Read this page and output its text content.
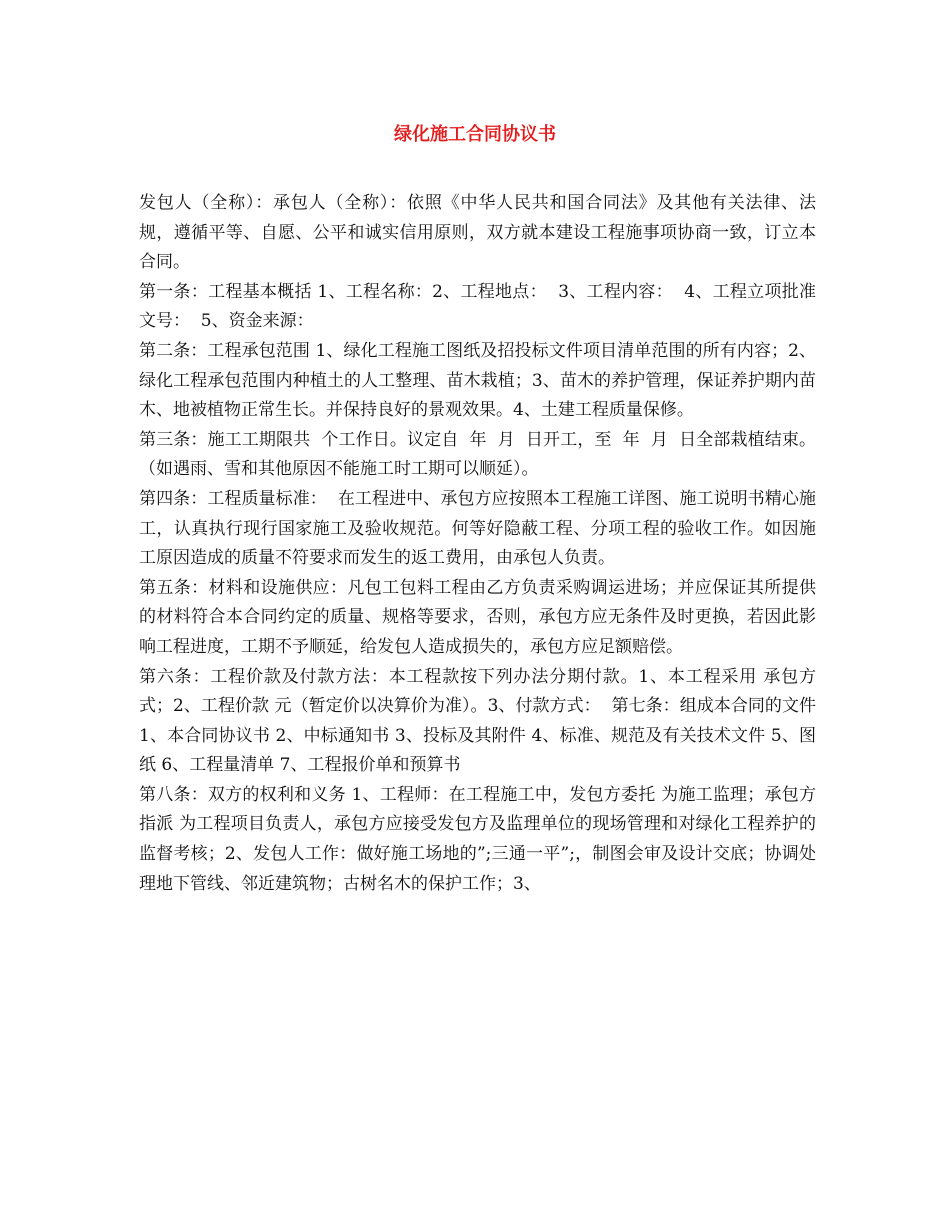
绿化施工合同协议书

发包人（全称）：承包人（全称）：依照《中华人民共和国合同法》及其他有关法律、法规，遵循平等、自愿、公平和诚实信用原则，双方就本建设工程施事项协商一致，订立本合同。

第一条：工程基本概括 1、工程名称：2、工程地点：  3、工程内容：  4、工程立项批准文号：  5、资金来源：

第二条：工程承包范围 1、绿化工程施工图纸及招投标文件项目清单范围的所有内容；2、绿化工程承包范围内种植土的人工整理、苗木栽植；3、苗木的养护管理，保证养护期内苗木、地被植物正常生长。并保持良好的景观效果。4、土建工程质量保修。

第三条：施工工期限共  个工作日。议定自  年  月  日开工，至  年  月  日全部栽植结束。（如遇雨、雪和其他原因不能施工时工期可以顺延）。

第四条：工程质量标准：  在工程进中、承包方应按照本工程施工详图、施工说明书精心施工，认真执行现行国家施工及验收规范。何等好隐蔽工程、分项工程的验收工作。如因施工原因造成的质量不符要求而发生的返工费用，由承包人负责。

第五条：材料和设施供应：凡包工包料工程由乙方负责采购调运进场；并应保证其所提供的材料符合本合同约定的质量、规格等要求，否则，承包方应无条件及时更换，若因此影响工程进度，工期不予顺延，给发包人造成损失的，承包方应足额赔偿。

第六条：工程价款及付款方法：本工程款按下列办法分期付款。1、本工程采用 承包方式；2、工程价款 元（暂定价以决算价为准）。3、付款方式：  第七条：组成本合同的文件 1、本合同协议书 2、中标通知书 3、投标及其附件 4、标准、规范及有关技术文件 5、图纸 6、工程量清单 7、工程报价单和预算书

第八条：双方的权利和义务 1、工程师：在工程施工中，发包方委托 为施工监理；承包方指派 为工程项目负责人，承包方应接受发包方及监理单位的现场管理和对绿化工程养护的监督考核；2、发包人工作：做好施工场地的”;三通一平”;，制图会审及设计交底；协调处理地下管线、邻近建筑物；古树名木的保护工作；3、
